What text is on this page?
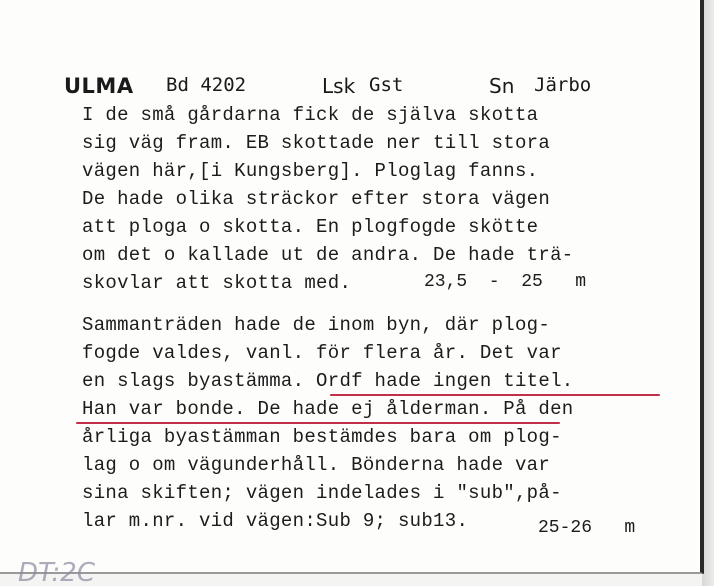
ULMA Bd 4202	Lsk Gst	Sn Järbo
I de små gårdarna fick de själva skotta
sig väg fram. EB skottade ner till stora
vägen här,[i Kungsberg]. Ploglag fanns.
De hade olika sträckor efter stora vägen
att ploga o skotta. En plogfogde skötte
om det o kallade ut de andra. De hade trä-
skovlar att skotta med.	23,5  -  25   m
Sammanträden hade de inom byn, där plog-
fogde valdes, vanl. för flera år. Det var
en slags byastämma. Ordf hade ingen titel.
Han var bonde. De hade ej ålderman. På den
årliga byastämman bestämdes bara om plog-
lag o om vägunderhåll. Bönderna hade var
sina skiften; vägen indelades i "sub",på-
lar m.nr. vid vägen:Sub 9; sub13.	25-26   m
DT:2C
